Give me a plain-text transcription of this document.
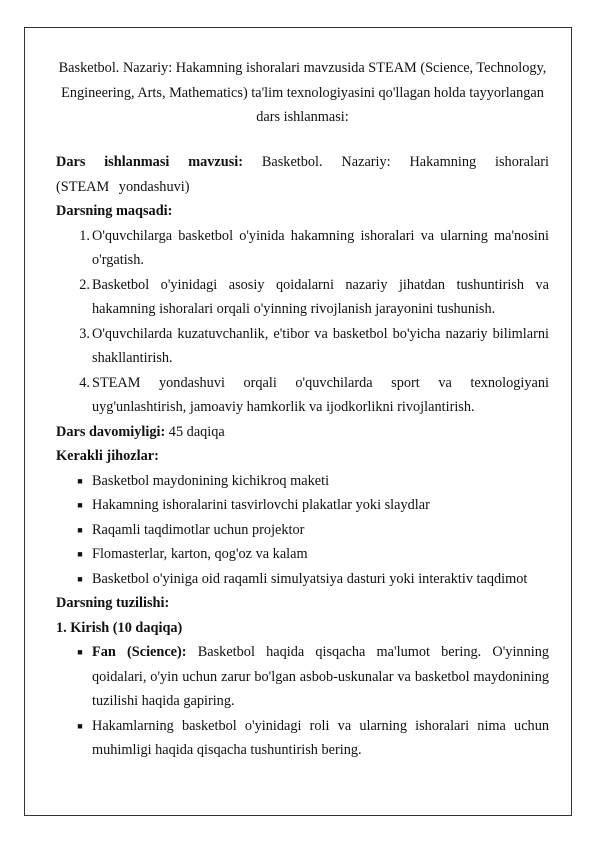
Basketbol. Nazariy: Hakamning ishoralari mavzusida STEAM (Science, Technology,
Engineering, Arts, Mathematics) ta'lim texnologiyasini qo'llagan holda tayyorlangan
dars ishlanmasi:

Dars ishlanmasi mavzusi: Basketbol. Nazariy: Hakamning ishoralari (STEAM yondashuvi)

Darsning maqsadi:

1. O'quvchilarga basketbol o'yinida hakamning ishoralari va ularning ma'nosini o'rgatish.
2. Basketbol o'yinidagi asosiy qoidalarni nazariy jihatdan tushuntirish va hakamning ishoralari orqali o'yinning rivojlanish jarayonini tushunish.
3. O'quvchilarda kuzatuvchanlik, e'tibor va basketbol bo'yicha nazariy bilimlarni shakllantirish.
4. STEAM yondashuvi orqali o'quvchilarda sport va texnologiyani uyg'unlashtirish, jamoaviy hamkorlik va ijodkorlikni rivojlantirish.

Dars davomiyligi: 45 daqiqa

Kerakli jihozlar:

■ Basketbol maydonining kichikroq maketi
■ Hakamning ishoralarini tasvirlovchi plakatlar yoki slaydlar
■ Raqamli taqdimotlar uchun projektor
■ Flomasterlar, karton, qog'oz va kalam
■ Basketbol o'yiniga oid raqamli simulyatsiya dasturi yoki interaktiv taqdimot

Darsning tuzilishi:

1. Kirish (10 daqiqa)

■ Fan (Science): Basketbol haqida qisqacha ma'lumot bering. O'yinning qoidalari, o'yin uchun zarur bo'lgan asbob-uskunalar va basketbol maydonining tuzilishi haqida gapiring.
■ Hakamlarning basketbol o'yinidagi roli va ularning ishoralari nima uchun muhimligi haqida qisqacha tushuntirish bering.
